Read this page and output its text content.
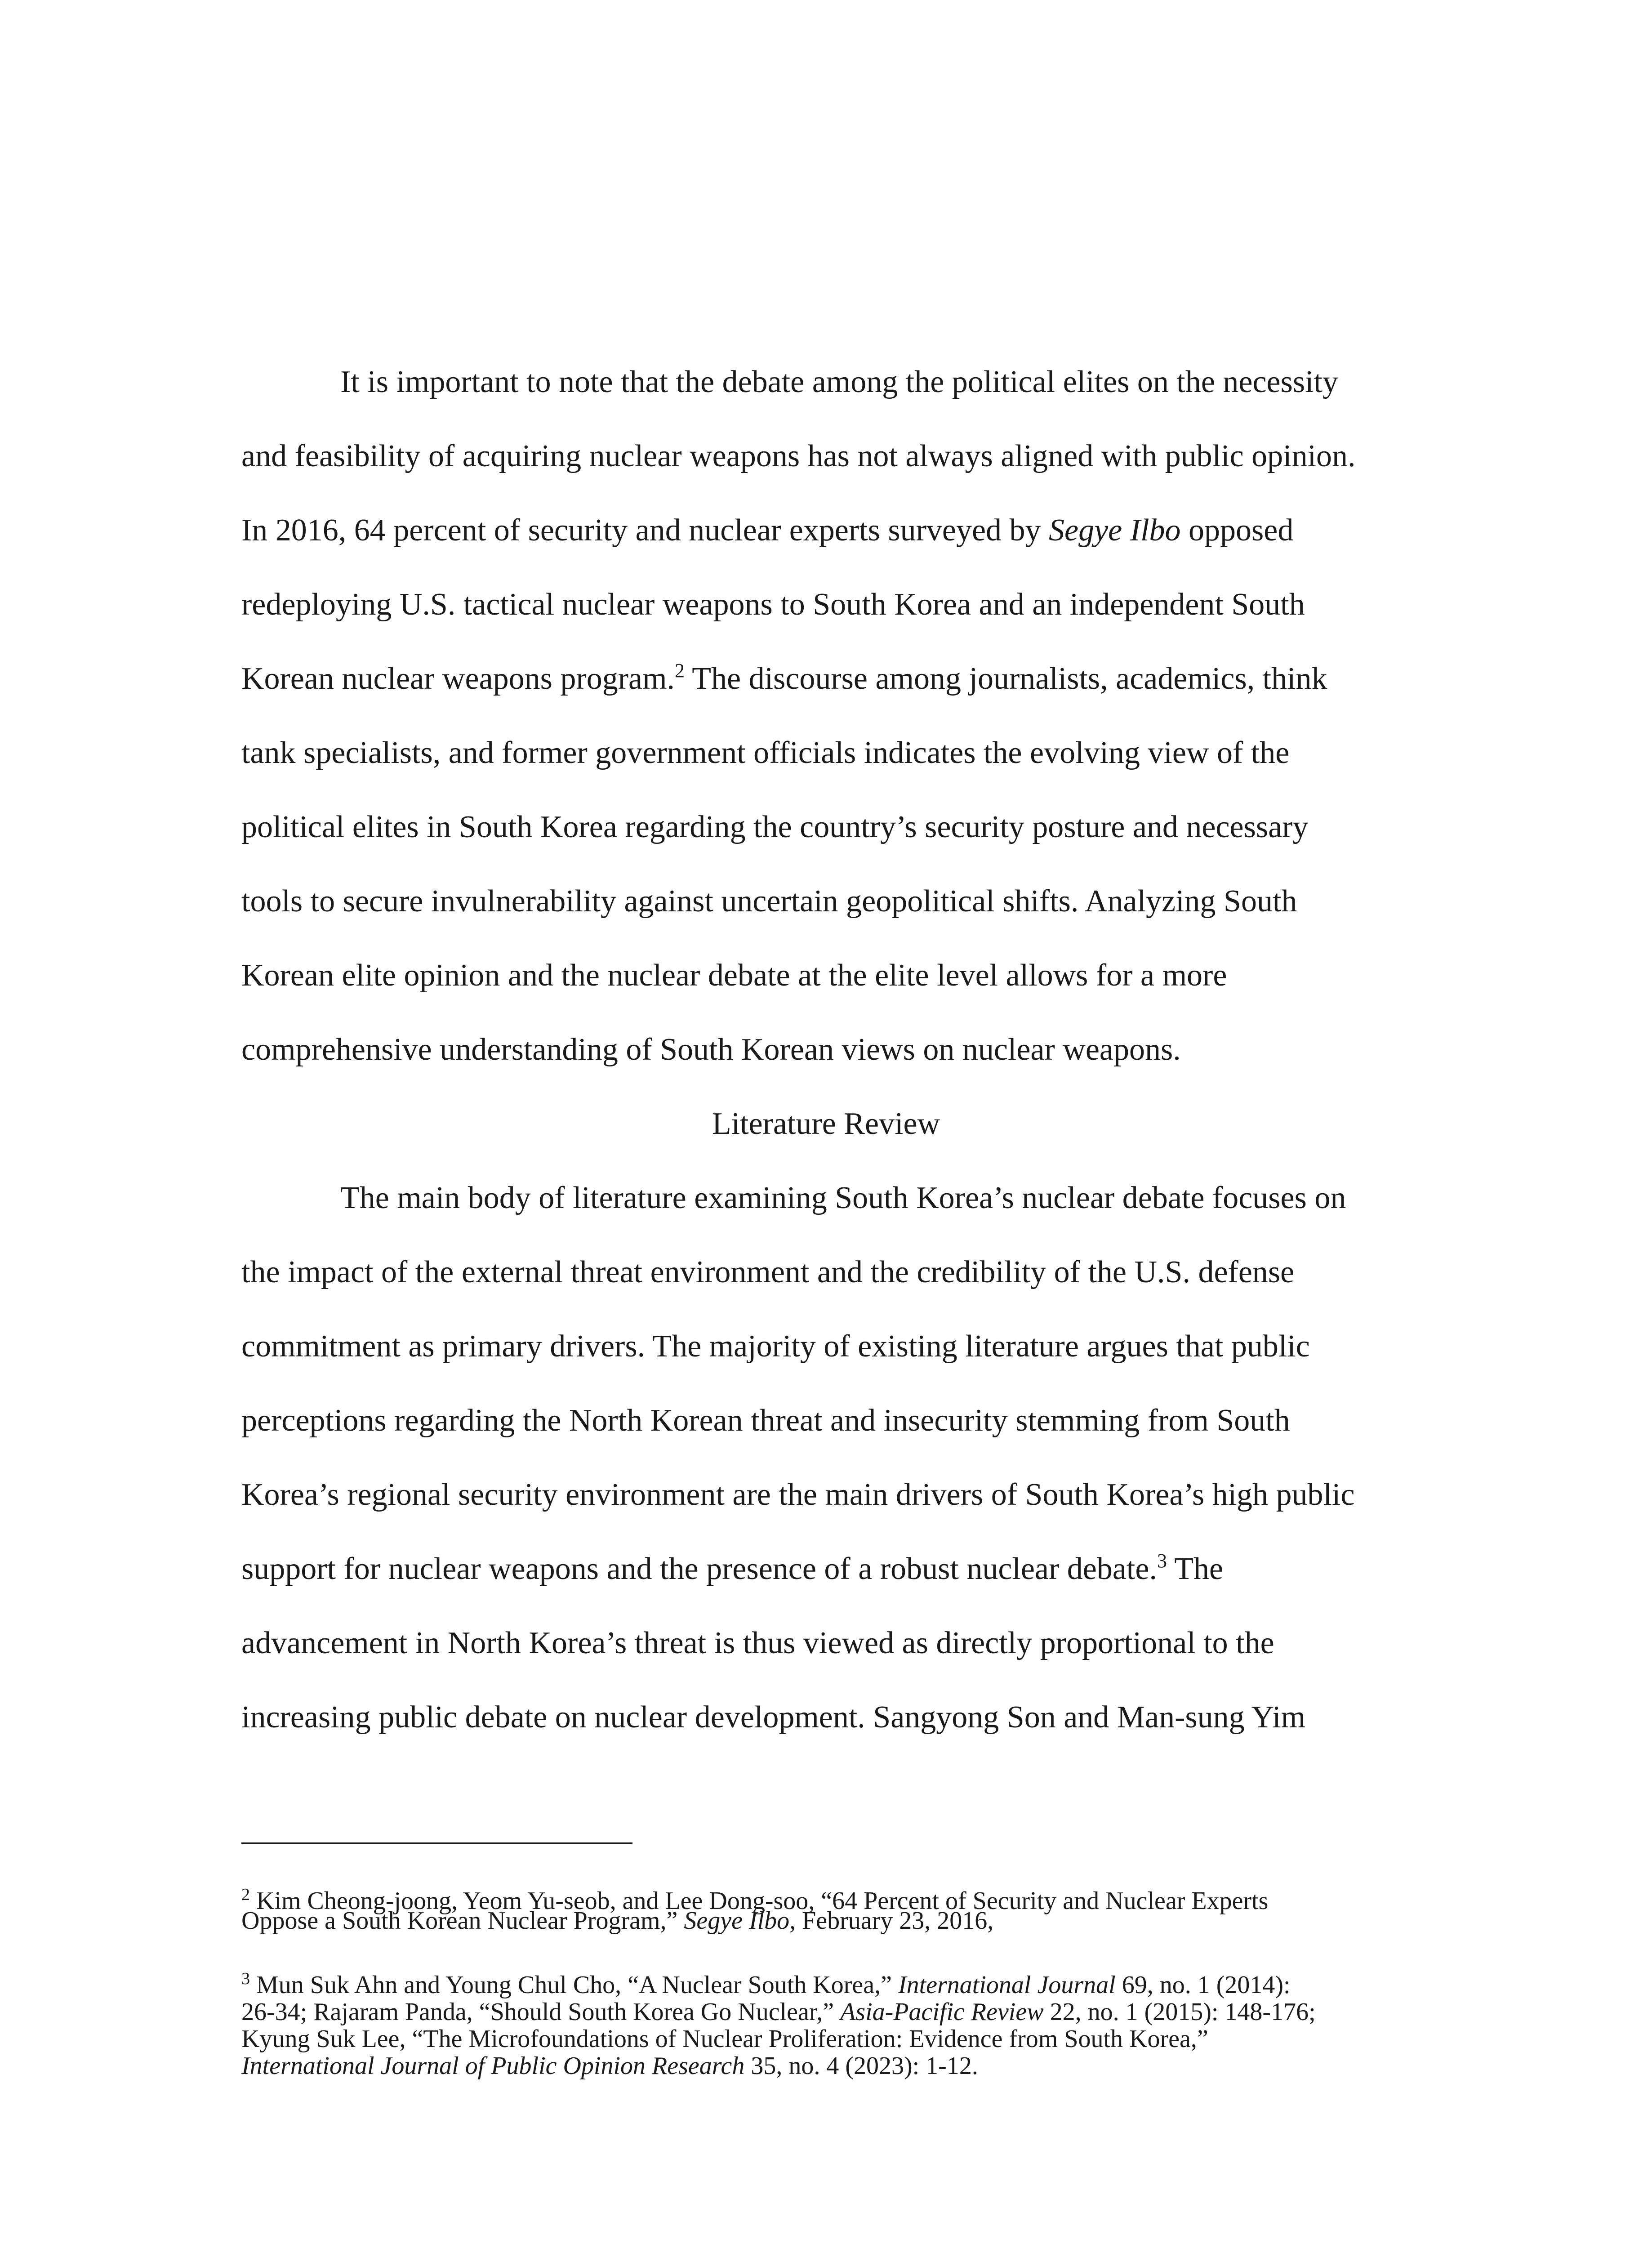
It is important to note that the debate among the political elites on the necessity
and feasibility of acquiring nuclear weapons has not always aligned with public opinion.
In 2016, 64 percent of security and nuclear experts surveyed by Segye Ilbo opposed
redeploying U.S. tactical nuclear weapons to South Korea and an independent South
Korean nuclear weapons program.$^2$ The discourse among journalists, academics, think
tank specialists, and former government officials indicates the evolving view of the
political elites in South Korea regarding the country’s security posture and necessary
tools to secure invulnerability against uncertain geopolitical shifts. Analyzing South
Korean elite opinion and the nuclear debate at the elite level allows for a more
comprehensive understanding of South Korean views on nuclear weapons.
Literature Review
The main body of literature examining South Korea’s nuclear debate focuses on
the impact of the external threat environment and the credibility of the U.S. defense
commitment as primary drivers. The majority of existing literature argues that public
perceptions regarding the North Korean threat and insecurity stemming from South
Korea’s regional security environment are the main drivers of South Korea’s high public
support for nuclear weapons and the presence of a robust nuclear debate.$^3$ The
advancement in North Korea’s threat is thus viewed as directly proportional to the
increasing public debate on nuclear development. Sangyong Son and Man-sung Yim
$^2$ Kim Cheong-joong, Yeom Yu-seob, and Lee Dong-soo, “64 Percent of Security and Nuclear Experts
Oppose a South Korean Nuclear Program,” Segye Ilbo, February 23, 2016,
$^3$ Mun Suk Ahn and Young Chul Cho, “A Nuclear South Korea,” International Journal 69, no. 1 (2014):
26-34; Rajaram Panda, “Should South Korea Go Nuclear,” Asia-Pacific Review 22, no. 1 (2015): 148-176;
Kyung Suk Lee, “The Microfoundations of Nuclear Proliferation: Evidence from South Korea,”
International Journal of Public Opinion Research 35, no. 4 (2023): 1-12.
